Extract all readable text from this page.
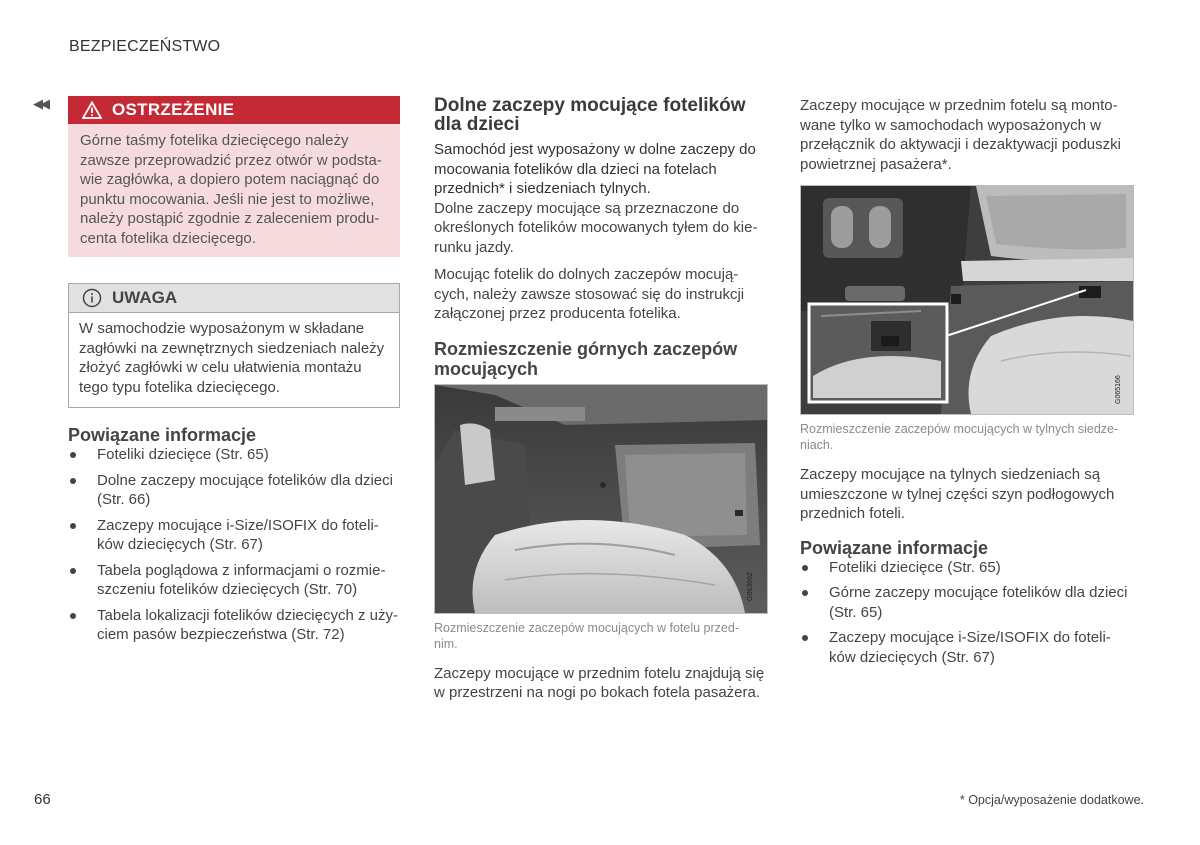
BEZPIECZEŃSTWO
◀◀	OSTRZEŻENIE
Górne taśmy fotelika dziecięcego należy
zawsze przeprowadzić przez otwór w podsta-
wie zagłówka, a dopiero potem naciągnąć do
punktu mocowania. Jeśli nie jest to możliwe,
należy postąpić zgodnie z zaleceniem produ-
centa fotelika dziecięcego.
UWAGA
W samochodzie wyposażonym w składane
zagłówki na zewnętrznych siedzeniach należy
złożyć zagłówki w celu ułatwienia montażu
tego typu fotelika dziecięcego.
Powiązane informacje
Foteliki dziecięce (Str. 65)
Dolne zaczepy mocujące fotelików dla dzieci
(Str. 66)
Zaczepy mocujące i-Size/ISOFIX do foteli-
ków dziecięcych (Str. 67)
Tabela poglądowa z informacjami o rozmie-
szczeniu fotelików dziecięcych (Str. 70)
Tabela lokalizacji fotelików dziecięcych z uży-
ciem pasów bezpieczeństwa (Str. 72)
Dolne zaczepy mocujące fotelików
dla dzieci

Samochód jest wyposażony w dolne zaczepy do

mocowania fotelików dla dzieci na fotelach

przednich* i siedzeniach tylnych.

Dolne zaczepy mocujące są przeznaczone do

określonych fotelików mocowanych tyłem do kie-

runku jazdy.

Mocując fotelik do dolnych zaczepów mocują-

cych, należy zawsze stosować się do instrukcji

załączonej przez producenta fotelika.

Rozmieszczenie górnych zaczepów
mocujących
G063692
Rozmieszczenie zaczepów mocujących w fotelu przed-
nim.

Zaczepy mocujące w przednim fotelu znajdują się

w przestrzeni na nogi po bokach fotela pasażera.

Zaczepy mocujące w przednim fotelu są monto-

wane tylko w samochodach wyposażonych w

przełącznik do aktywacji i dezaktywacji poduszki

powietrznej pasażera*.

G065166
Rozmieszczenie zaczepów mocujących w tylnych siedze-
niach.

Zaczepy mocujące na tylnych siedzeniach są

umieszczone w tylnej części szyn podłogowych

przednich foteli.

Powiązane informacje
Foteliki dziecięce (Str. 65)
Górne zaczepy mocujące fotelików dla dzieci
(Str. 65)
Zaczepy mocujące i-Size/ISOFIX do foteli-
ków dziecięcych (Str. 67)
66	* Opcja/wyposażenie dodatkowe.
